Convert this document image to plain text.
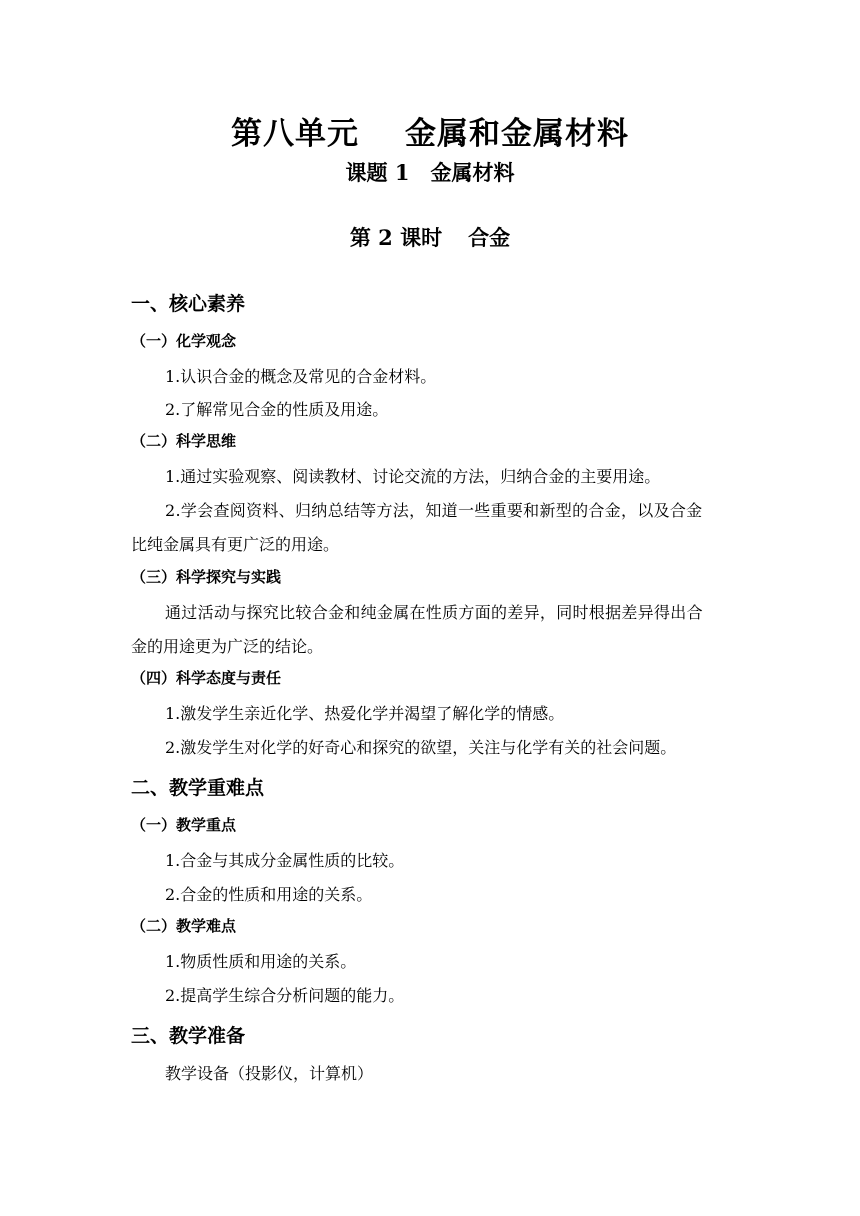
第八单元 金属和金属材料
课题 1　金属材料
第 2 课时 合金
一、核心素养
（一）化学观念
1.认识合金的概念及常见的合金材料。
2.了解常见合金的性质及用途。
（二）科学思维
1.通过实验观察、阅读教材、讨论交流的方法，归纳合金的主要用途。
2.学会查阅资料、归纳总结等方法，知道一些重要和新型的合金，以及合金
比纯金属具有更广泛的用途。
（三）科学探究与实践
通过活动与探究比较合金和纯金属在性质方面的差异，同时根据差异得出合
金的用途更为广泛的结论。
（四）科学态度与责任
1.激发学生亲近化学、热爱化学并渴望了解化学的情感。
2.激发学生对化学的好奇心和探究的欲望，关注与化学有关的社会问题。
二、教学重难点
（一）教学重点
1.合金与其成分金属性质的比较。
2.合金的性质和用途的关系。
（二）教学难点
1.物质性质和用途的关系。
2.提高学生综合分析问题的能力。
三、教学准备
教学设备（投影仪，计算机）
